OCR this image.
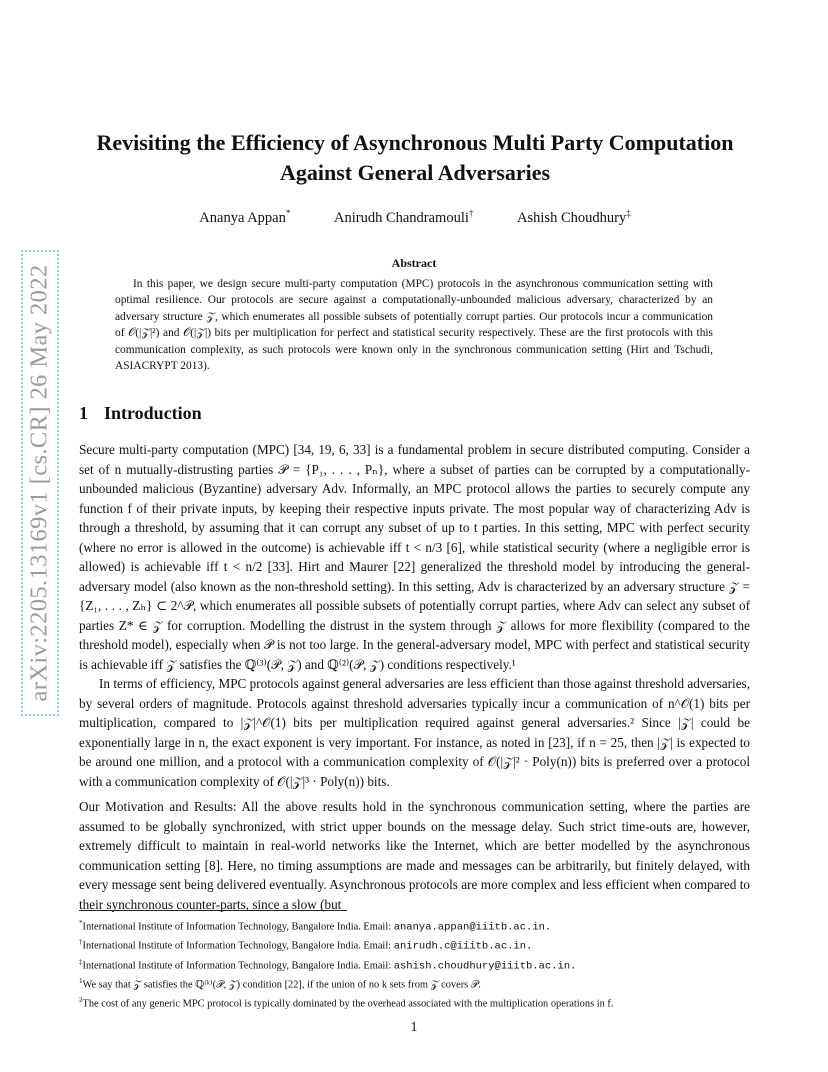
arXiv:2205.13169v1 [cs.CR] 26 May 2022
Revisiting the Efficiency of Asynchronous Multi Party Computation
Against General Adversaries
Ananya Appan*	Anirudh Chandramouli†	Ashish Choudhury‡
Abstract

In this paper, we design secure multi-party computation (MPC) protocols in the asynchronous communication setting with optimal resilience. Our protocols are secure against a computationally-unbounded malicious adversary, characterized by an adversary structure 𝒵, which enumerates all possible subsets of potentially corrupt parties. Our protocols incur a communication of 𝒪(|𝒵|²) and 𝒪(|𝒵|) bits per multiplication for perfect and statistical security respectively. These are the first protocols with this communication complexity, as such protocols were known only in the synchronous communication setting (Hirt and Tschudi, ASIACRYPT 2013).

1 Introduction

Secure multi-party computation (MPC) [34, 19, 6, 33] is a fundamental problem in secure distributed computing. Consider a set of n mutually-distrusting parties 𝒫 = {P₁, . . . , Pₙ}, where a subset of parties can be corrupted by a computationally-unbounded malicious (Byzantine) adversary Adv. Informally, an MPC protocol allows the parties to securely compute any function f of their private inputs, by keeping their respective inputs private. The most popular way of characterizing Adv is through a threshold, by assuming that it can corrupt any subset of up to t parties. In this setting, MPC with perfect security (where no error is allowed in the outcome) is achievable iff t < n/3 [6], while statistical security (where a negligible error is allowed) is achievable iff t < n/2 [33]. Hirt and Maurer [22] generalized the threshold model by introducing the general-adversary model (also known as the non-threshold setting). In this setting, Adv is characterized by an adversary structure 𝒵 = {Z₁, . . . , Zₕ} ⊂ 2^𝒫, which enumerates all possible subsets of potentially corrupt parties, where Adv can select any subset of parties Z* ∈ 𝒵 for corruption. Modelling the distrust in the system through 𝒵 allows for more flexibility (compared to the threshold model), especially when 𝒫 is not too large. In the general-adversary model, MPC with perfect and statistical security is achievable iff 𝒵 satisfies the ℚ⁽³⁾(𝒫, 𝒵) and ℚ⁽²⁾(𝒫, 𝒵) conditions respectively.¹

In terms of efficiency, MPC protocols against general adversaries are less efficient than those against threshold adversaries, by several orders of magnitude. Protocols against threshold adversaries typically incur a communication of n^𝒪(1) bits per multiplication, compared to |𝒵|^𝒪(1) bits per multiplication required against general adversaries.² Since |𝒵| could be exponentially large in n, the exact exponent is very important. For instance, as noted in [23], if n = 25, then |𝒵| is expected to be around one million, and a protocol with a communication complexity of 𝒪(|𝒵|² · Poly(n)) bits is preferred over a protocol with a communication complexity of 𝒪(|𝒵|³ · Poly(n)) bits.

Our Motivation and Results: All the above results hold in the synchronous communication setting, where the parties are assumed to be globally synchronized, with strict upper bounds on the message delay. Such strict time-outs are, however, extremely difficult to maintain in real-world networks like the Internet, which are better modelled by the asynchronous communication setting [8]. Here, no timing assumptions are made and messages can be arbitrarily, but finitely delayed, with every message sent being delivered eventually. Asynchronous protocols are more complex and less efficient when compared to their synchronous counter-parts, since a slow (but

*International Institute of Information Technology, Bangalore India. Email: ananya.appan@iiitb.ac.in.
†International Institute of Information Technology, Bangalore India. Email: anirudh.c@iiitb.ac.in.
‡International Institute of Information Technology, Bangalore India. Email: ashish.choudhury@iiitb.ac.in.
$^1$We say that 𝒵 satisfies the ℚ⁽ᵏ⁾(𝒫, 𝒵) condition [22], if the union of no k sets from 𝒵 covers 𝒫.
$^2$The cost of any generic MPC protocol is typically dominated by the overhead associated with the multiplication operations in f.
1
